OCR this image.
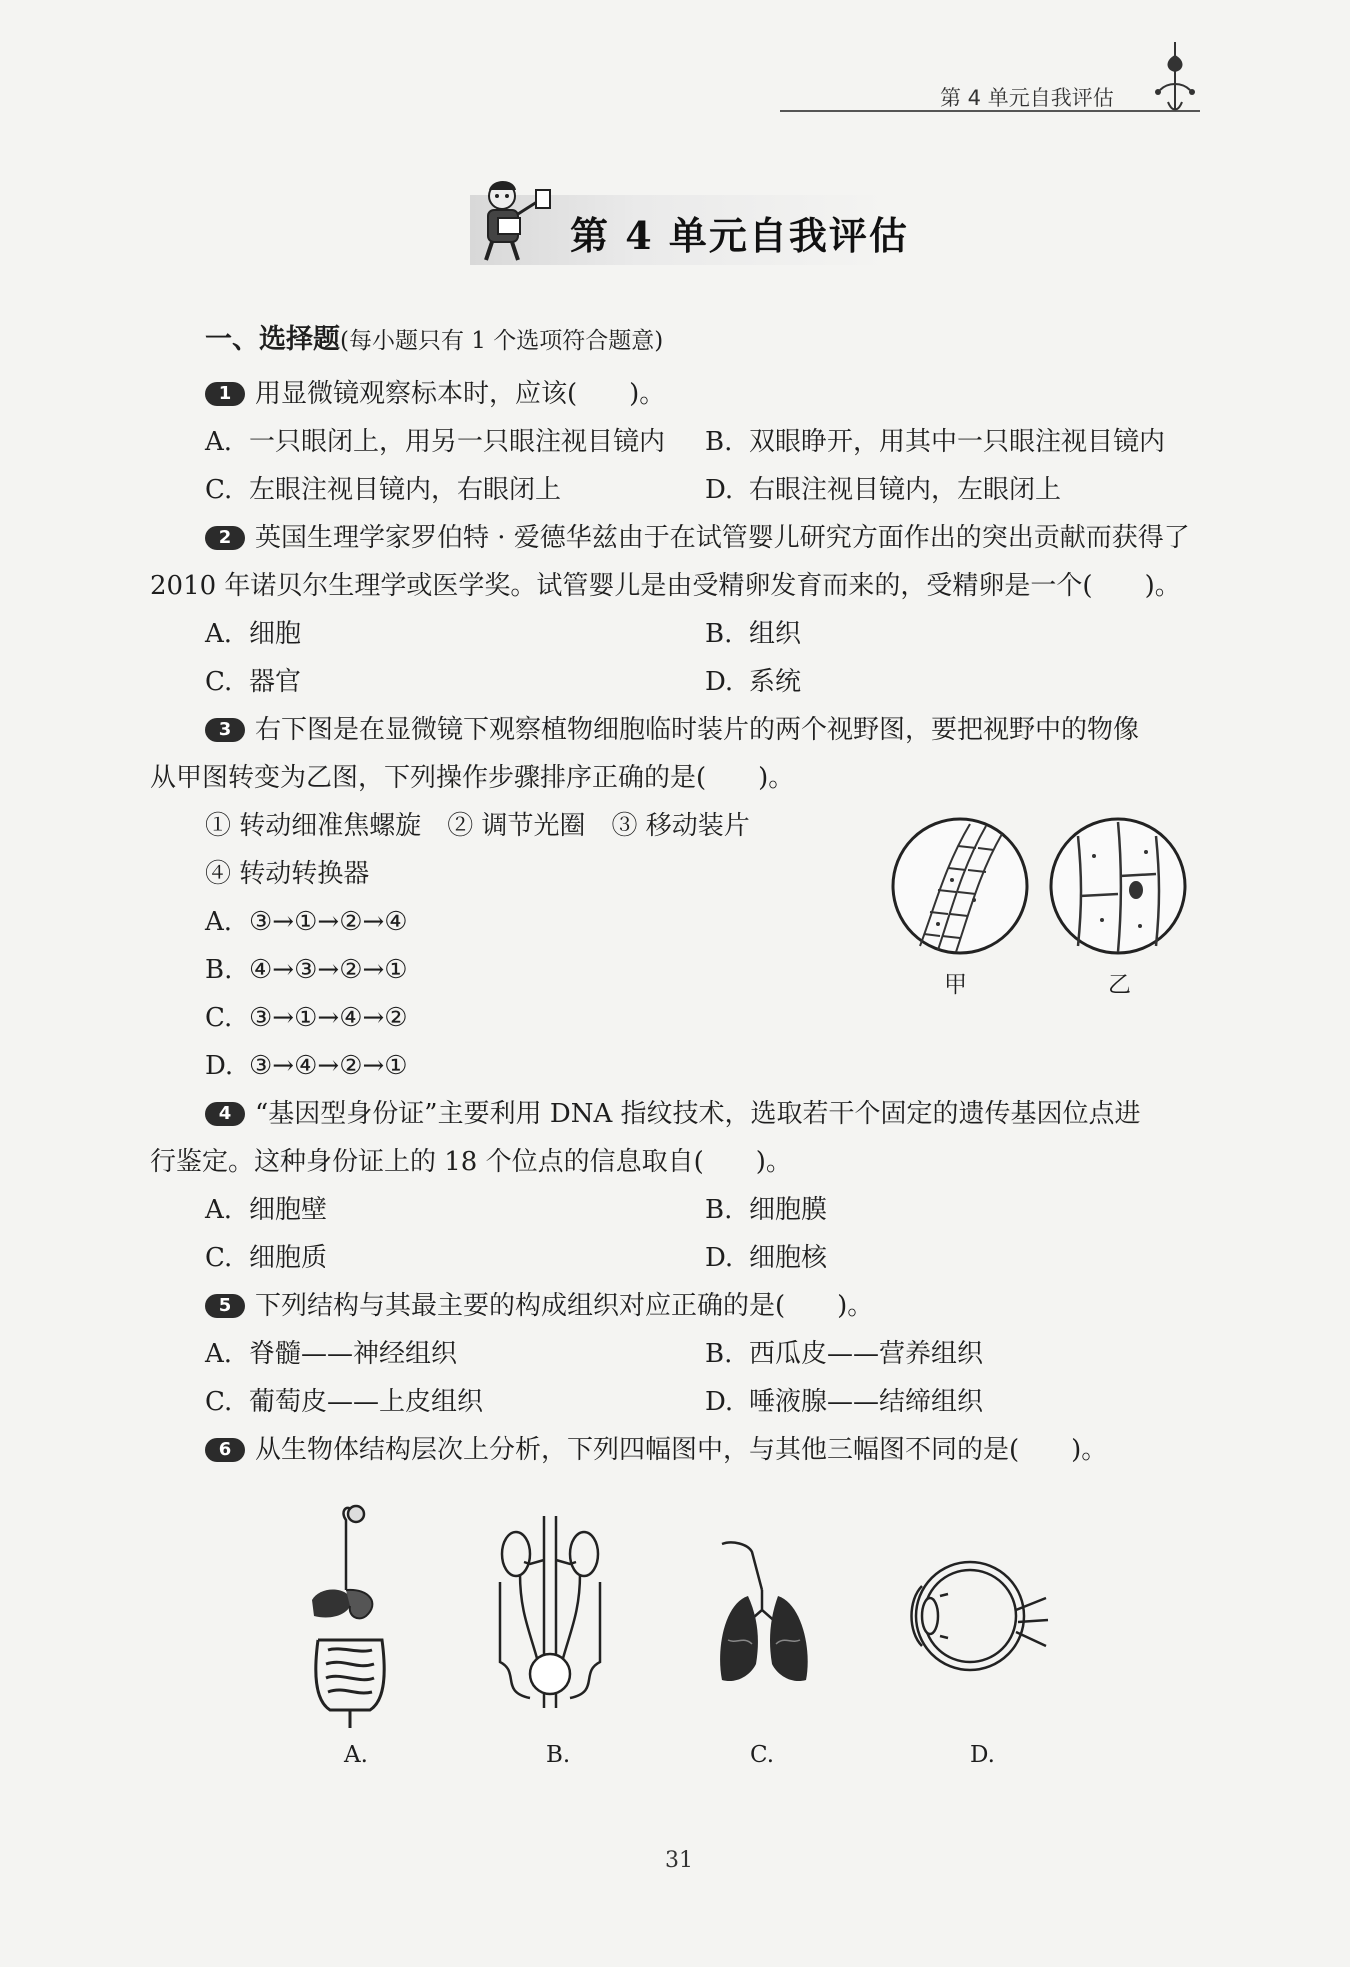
第 4 单元自我评估
第 4 单元自我评估
一、选择题(每小题只有 1 个选项符合题意)
1 用显微镜观察标本时，应该(　　)。
A. 一只眼闭上，用另一只眼注视目镜内 B. 双眼睁开，用其中一只眼注视目镜内
C. 左眼注视目镜内，右眼闭上	D. 右眼注视目镜内，左眼闭上
2 英国生理学家罗伯特 · 爱德华兹由于在试管婴儿研究方面作出的突出贡献而获得了
2010 年诺贝尔生理学或医学奖。试管婴儿是由受精卵发育而来的，受精卵是一个(　　)。
A. 细胞	B. 组织
C. 器官	D. 系统
3 右下图是在显微镜下观察植物细胞临时装片的两个视野图，要把视野中的物像
从甲图转变为乙图，下列操作步骤排序正确的是(　　)。
① 转动细准焦螺旋　② 调节光圈　③ 移动装片
④ 转动转换器
A. ③→①→②→④
B. ④→③→②→①
C. ③→①→④→②
D. ③→④→②→①
甲	乙
4 “基因型身份证”主要利用 DNA 指纹技术，选取若干个固定的遗传基因位点进
行鉴定。这种身份证上的 18 个位点的信息取自(　　)。
A. 细胞壁	B. 细胞膜
C. 细胞质	D. 细胞核
5 下列结构与其最主要的构成组织对应正确的是(　　)。
A. 脊髓——神经组织	B. 西瓜皮——营养组织
C. 葡萄皮——上皮组织	D. 唾液腺——结缔组织
6 从生物体结构层次上分析，下列四幅图中，与其他三幅图不同的是(　　)。
A.	B.	C.	D.
31
